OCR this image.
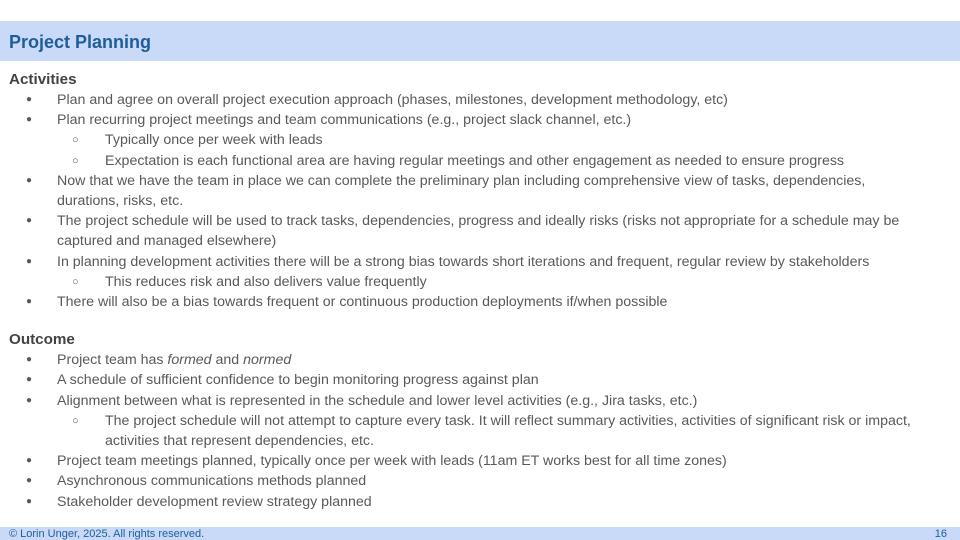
Project Planning
Activities
● Plan and agree on overall project execution approach (phases, milestones, development methodology, etc)
● Plan recurring project meetings and team communications (e.g., project slack channel, etc.)
○ Typically once per week with leads
○ Expectation is each functional area are having regular meetings and other engagement as needed to ensure progress
● Now that we have the team in place we can complete the preliminary plan including comprehensive view of tasks, dependencies, durations, risks, etc.
● The project schedule will be used to track tasks, dependencies, progress and ideally risks (risks not appropriate for a schedule may be captured and managed elsewhere)
● In planning development activities there will be a strong bias towards short iterations and frequent, regular review by stakeholders
○ This reduces risk and also delivers value frequently
● There will also be a bias towards frequent or continuous production deployments if/when possible
Outcome
● Project team has formed and normed
● A schedule of sufficient confidence to begin monitoring progress against plan
● Alignment between what is represented in the schedule and lower level activities (e.g., Jira tasks, etc.)
○ The project schedule will not attempt to capture every task. It will reflect summary activities, activities of significant risk or impact, activities that represent dependencies, etc.
● Project team meetings planned, typically once per week with leads (11am ET works best for all time zones)
● Asynchronous communications methods planned
● Stakeholder development review strategy planned
© Lorin Unger, 2025. All rights reserved.	16
